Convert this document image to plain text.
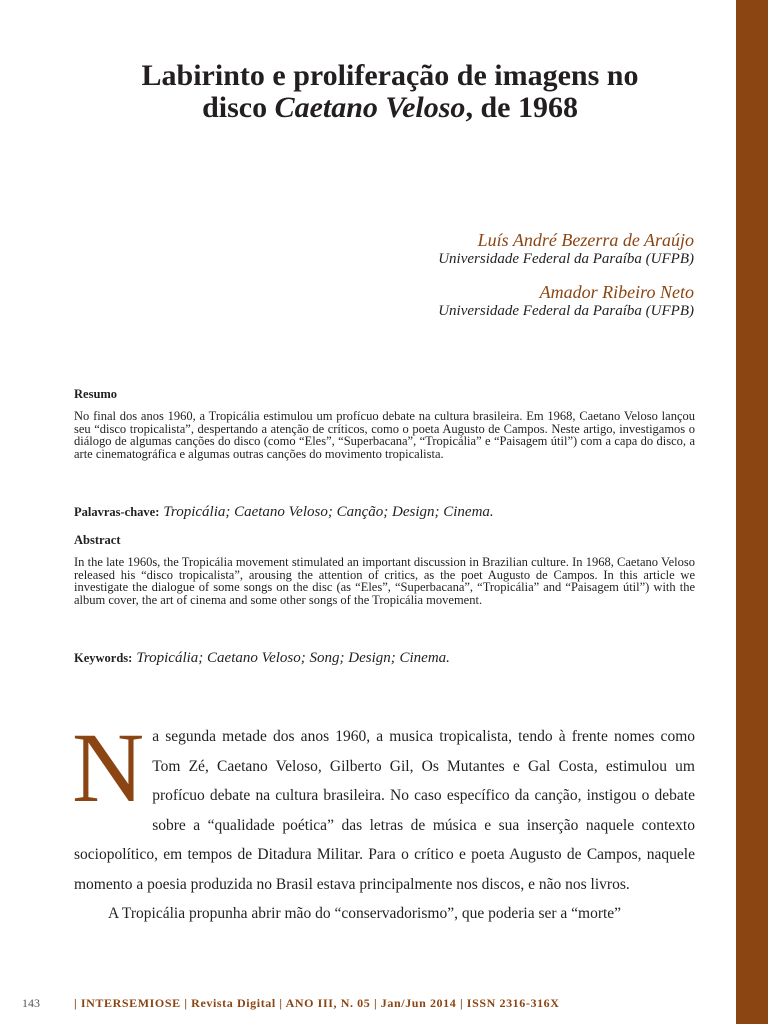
Labirinto e proliferação de imagens no
disco Caetano Veloso, de 1968
Luís André Bezerra de Araújo
Universidade Federal da Paraíba (UFPB)
Amador Ribeiro Neto
Universidade Federal da Paraíba (UFPB)
Resumo

No final dos anos 1960, a Tropicália estimulou um profícuo debate na cultura brasileira. Em 1968, Caetano Veloso lançou seu “disco tropicalista”, despertando a atenção de críticos, como o poeta Augusto de Campos. Neste artigo, investigamos o diálogo de algumas canções do disco (como “Eles”, “Superbacana”, “Tropicália” e “Paisagem útil”) com a capa do disco, a arte cinematográfica e algumas outras canções do movimento tropicalista.

Palavras-chave: Tropicália; Caetano Veloso; Canção; Design; Cinema.
Abstract

In the late 1960s, the Tropicália movement stimulated an important discussion in Brazilian culture. In 1968, Caetano Veloso released his “disco tropicalista”, arousing the attention of critics, as the poet Augusto de Campos. In this article we investigate the dialogue of some songs on the disc (as “Eles”, “Superbacana”, “Tropicália” and “Paisagem útil”) with the album cover, the art of cinema and some other songs of the Tropicália movement.

Keywords: Tropicália; Caetano Veloso; Song; Design; Cinema.

Na segunda metade dos anos 1960, a musica tropicalista, tendo à frente nomes como Tom Zé, Caetano Veloso, Gilberto Gil, Os Mutantes e Gal Costa, estimulou um profícuo debate na cultura brasileira. No caso específico da canção, instigou o debate sobre a “qualidade poética” das letras de música e sua inserção naquele contexto sociopolítico, em tempos de Ditadura Militar. Para o crítico e poeta Augusto de Campos, naquele momento a poesia produzida no Brasil estava principalmente nos discos, e não nos livros.

A Tropicália propunha abrir mão do “conservadorismo”, que poderia ser a “morte”

143	| INTERSEMIOSE | Revista Digital | ANO III, N. 05 | Jan/Jun 2014 | ISSN 2316-316X
